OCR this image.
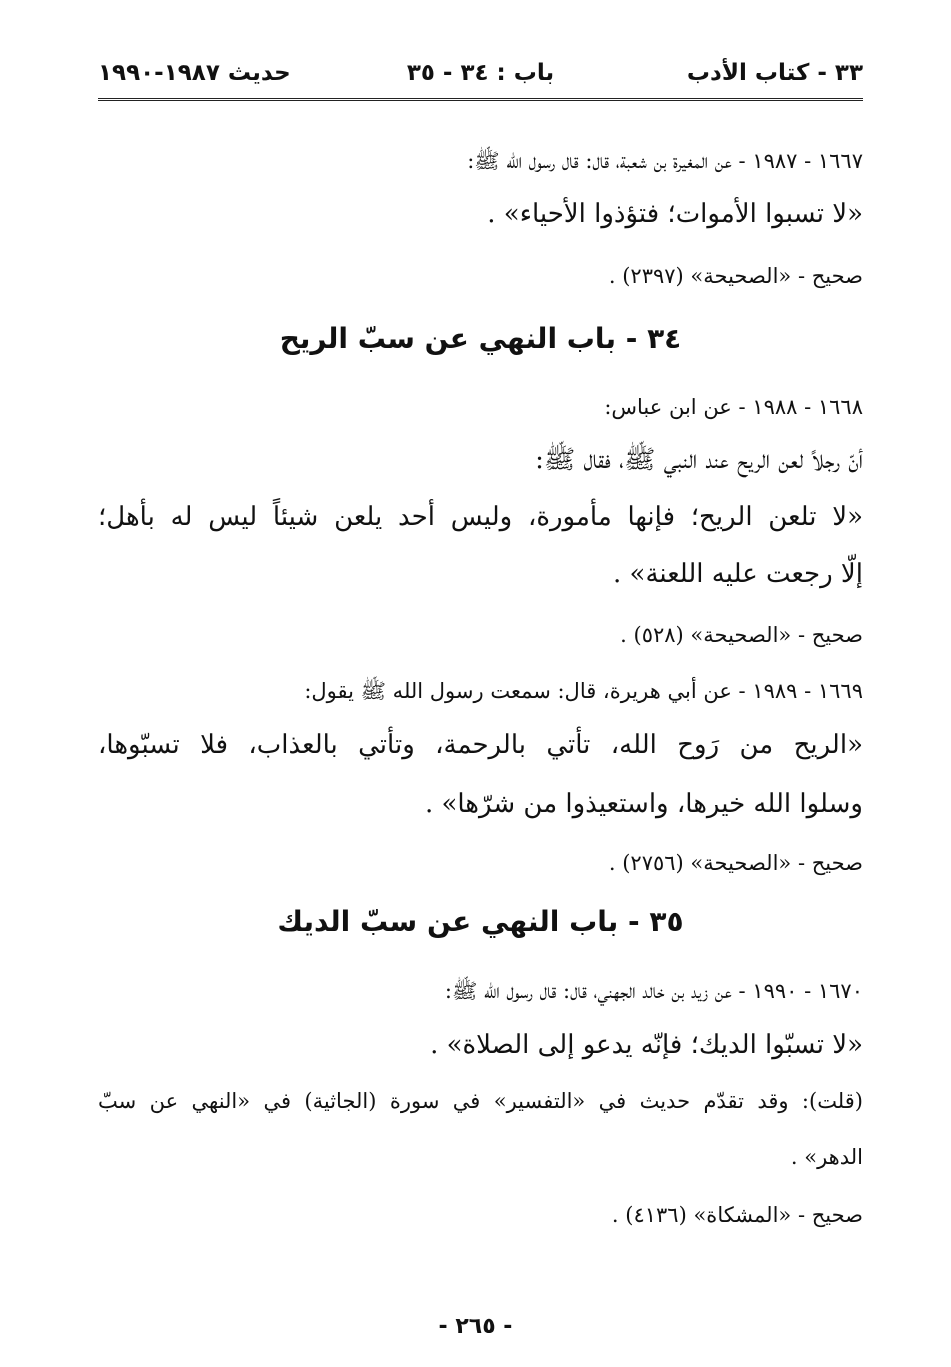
٣٣ - كتاب الأدب
باب : ٣٤ - ٣٥
حديث ١٩٨٧-١٩٩٠
١٦٦٧ - ١٩٨٧ - عن المغيرة بن شعبة، قال: قال رسول الله ﷺ:
«لا تسبوا الأموات؛ فتؤذوا الأحياء» .
صحيح - «الصحيحة» (٢٣٩٧) .
٣٤ - باب النهي عن سبّ الريح
١٦٦٨ - ١٩٨٨ - عن ابن عباس:
أنّ رجلاً لعن الريح عند النبي ﷺ، فقال ﷺ:
«لا تلعن الريح؛ فإنها مأمورة، وليس أحد يلعن شيئاً ليس له بأهل؛
إلّا رجعت عليه اللعنة» .
صحيح - «الصحيحة» (٥٢٨) .
١٦٦٩ - ١٩٨٩ - عن أبي هريرة، قال: سمعت رسول الله ﷺ يقول:
«الريح من رَوح الله، تأتي بالرحمة، وتأتي بالعذاب، فلا تسبّوها،
وسلوا الله خيرها، واستعيذوا من شرّها» .
صحيح - «الصحيحة» (٢٧٥٦) .
٣٥ - باب النهي عن سبّ الديك
١٦٧٠ - ١٩٩٠ - عن زيد بن خالد الجهني، قال: قال رسول الله ﷺ:
«لا تسبّوا الديك؛ فإنّه يدعو إلى الصلاة» .
(قلت): وقد تقدّم حديث في «التفسير» في سورة (الجاثية) في «النهي عن سبّ
الدهر» .
صحيح - «المشكاة» (٤١٣٦) .
- ٢٦٥ -
